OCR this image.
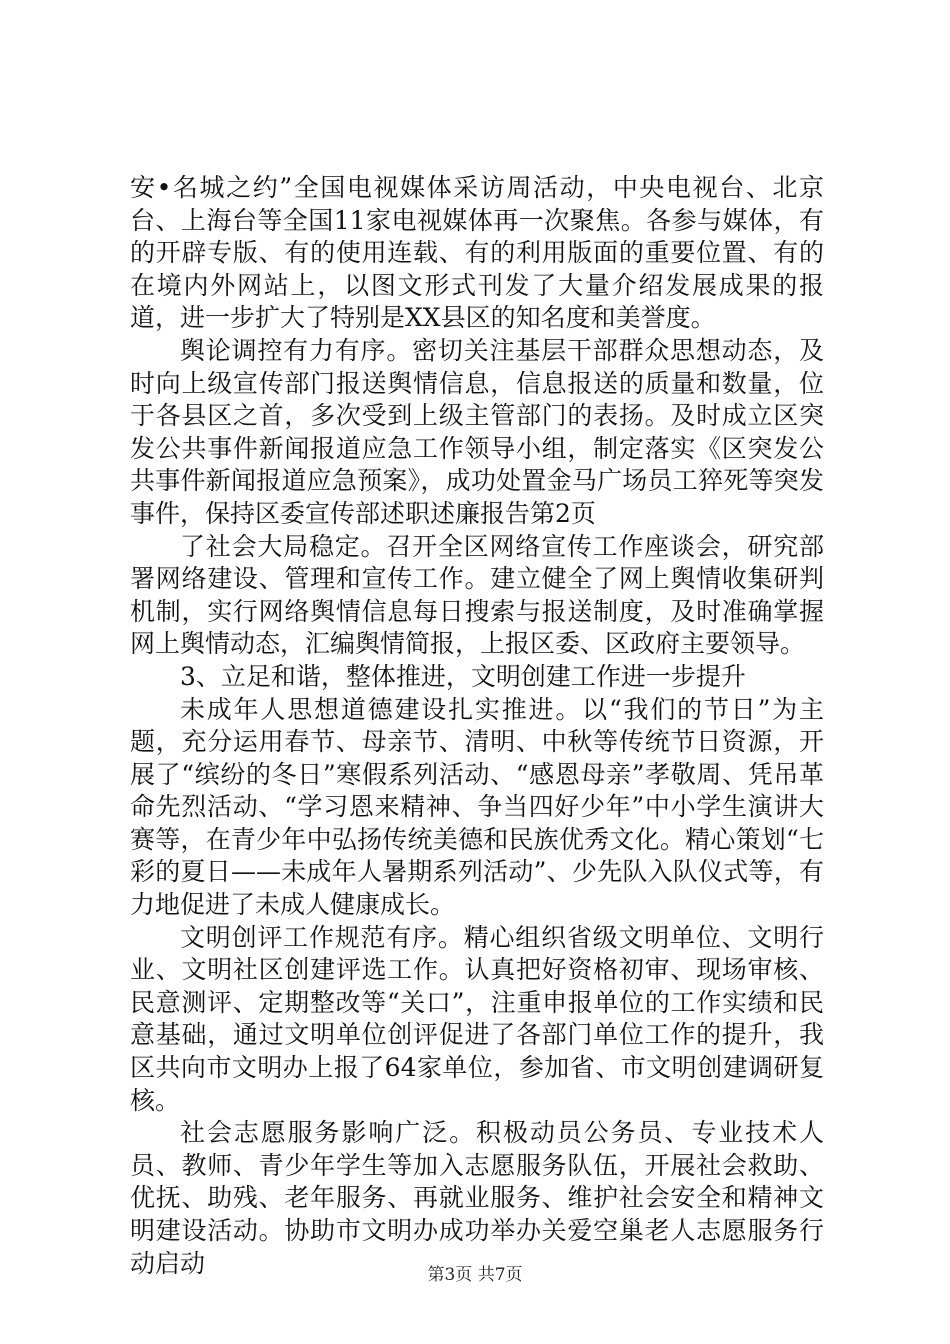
安•名城之约”全国电视媒体采访周活动，中央电视台、北京台、上海台等全国11家电视媒体再一次聚焦。各参与媒体，有的开辟专版、有的使用连载、有的利用版面的重要位置、有的在境内外网站上，以图文形式刊发了大量介绍发展成果的报道，进一步扩大了特别是XX县区的知名度和美誉度。

舆论调控有力有序。密切关注基层干部群众思想动态，及时向上级宣传部门报送舆情信息，信息报送的质量和数量，位于各县区之首，多次受到上级主管部门的表扬。及时成立区突发公共事件新闻报道应急工作领导小组，制定落实《区突发公共事件新闻报道应急预案》，成功处置金马广场员工猝死等突发事件，保持区委宣传部述职述廉报告第2页

了社会大局稳定。召开全区网络宣传工作座谈会，研究部署网络建设、管理和宣传工作。建立健全了网上舆情收集研判机制，实行网络舆情信息每日搜索与报送制度，及时准确掌握网上舆情动态，汇编舆情简报，上报区委、区政府主要领导。

3、立足和谐，整体推进，文明创建工作进一步提升

未成年人思想道德建设扎实推进。以“我们的节日”为主题，充分运用春节、母亲节、清明、中秋等传统节日资源，开展了“缤纷的冬日”寒假系列活动、“感恩母亲”孝敬周、凭吊革命先烈活动、“学习恩来精神、争当四好少年”中小学生演讲大赛等，在青少年中弘扬传统美德和民族优秀文化。精心策划“七彩的夏日——未成年人暑期系列活动”、少先队入队仪式等，有力地促进了未成人健康成长。

文明创评工作规范有序。精心组织省级文明单位、文明行业、文明社区创建评选工作。认真把好资格初审、现场审核、民意测评、定期整改等“关口”，注重申报单位的工作实绩和民意基础，通过文明单位创评促进了各部门单位工作的提升，我区共向市文明办上报了64家单位，参加省、市文明创建调研复核。

社会志愿服务影响广泛。积极动员公务员、专业技术人员、教师、青少年学生等加入志愿服务队伍，开展社会救助、优抚、助残、老年服务、再就业服务、维护社会安全和精神文明建设活动。协助市文明办成功举办关爱空巢老人志愿服务行动启动	第3页 共7页
